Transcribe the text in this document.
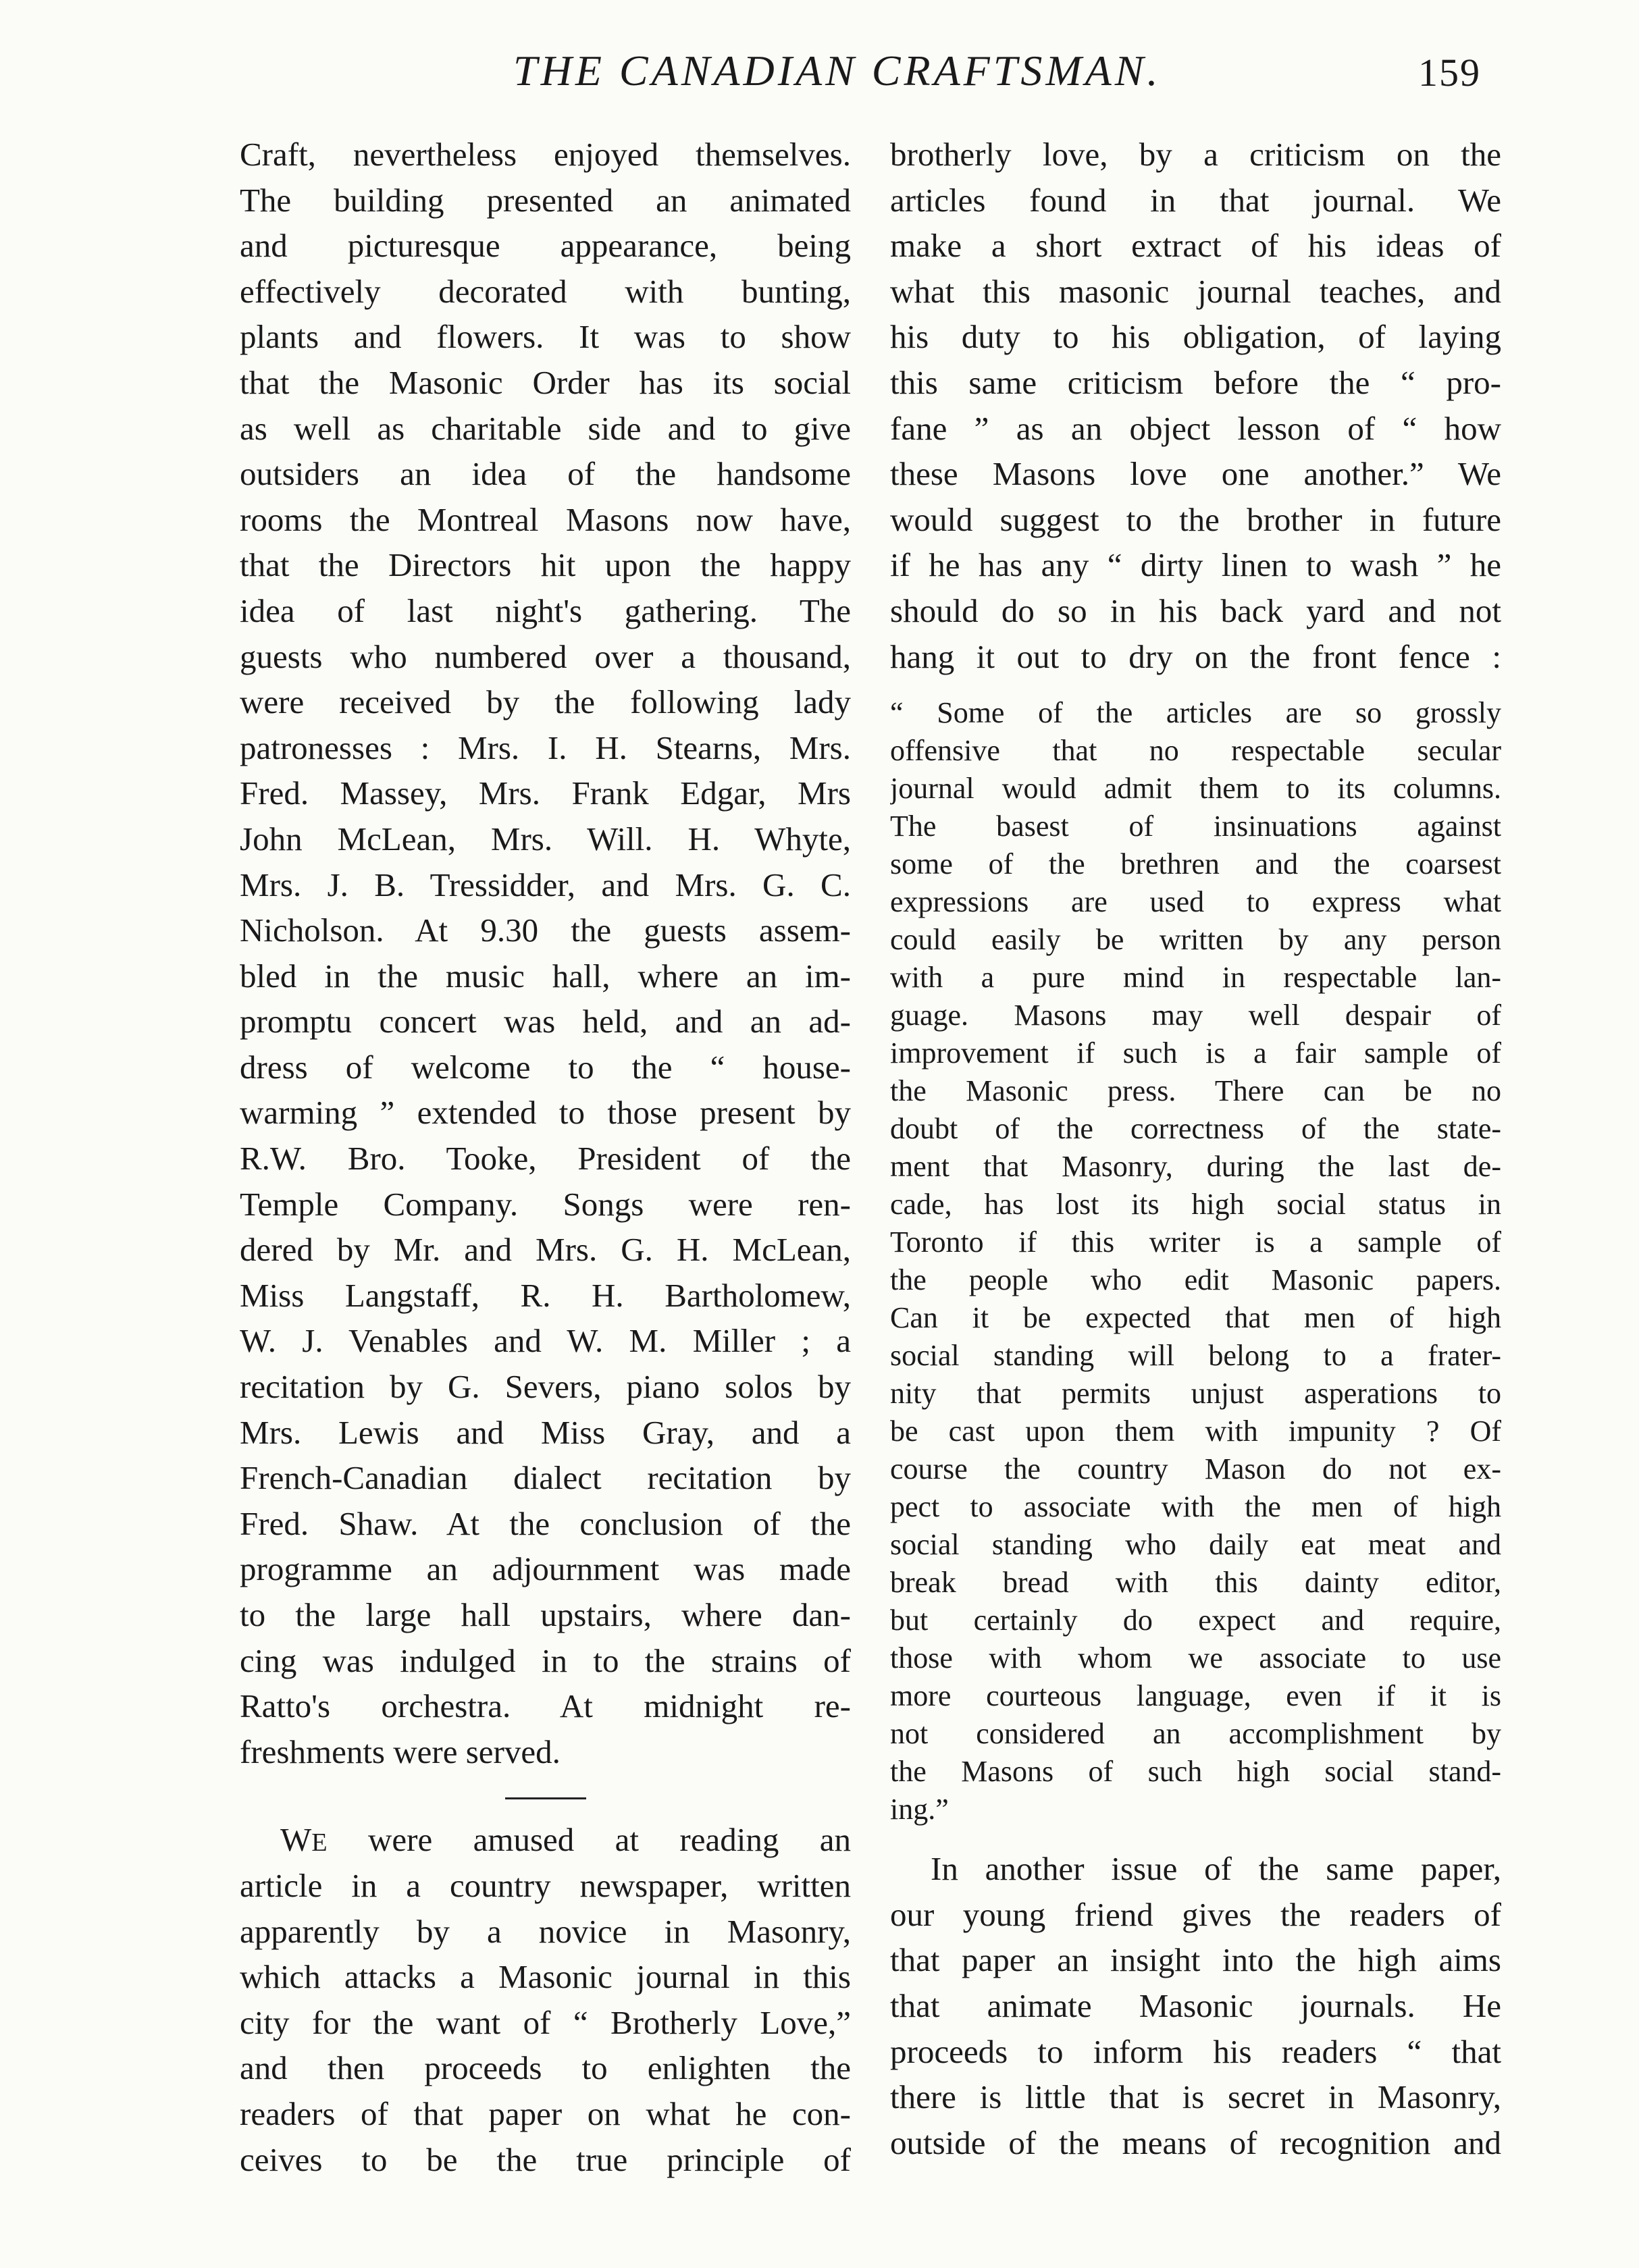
THE CANADIAN CRAFTSMAN.	159
Craft, nevertheless enjoyed themselves.
The building presented an animated
and picturesque appearance, being
effectively decorated with bunting,
plants and flowers. It was to show
that the Masonic Order has its social
as well as charitable side and to give
outsiders an idea of the handsome
rooms the Montreal Masons now have,
that the Directors hit upon the happy
idea of last night's gathering. The
guests who numbered over a thousand,
were received by the following lady
patronesses : Mrs. I. H. Stearns, Mrs.
Fred. Massey, Mrs. Frank Edgar, Mrs
John McLean, Mrs. Will. H. Whyte,
Mrs. J. B. Tressidder, and Mrs. G. C.
Nicholson. At 9.30 the guests assem-
bled in the music hall, where an im-
promptu concert was held, and an ad-
dress of welcome to the “ house-
warming ” extended to those present by
R.W. Bro. Tooke, President of the
Temple Company. Songs were ren-
dered by Mr. and Mrs. G. H. McLean,
Miss Langstaff, R. H. Bartholomew,
W. J. Venables and W. M. Miller ; a
recitation by G. Severs, piano solos by
Mrs. Lewis and Miss Gray, and a
French-Canadian dialect recitation by
Fred. Shaw. At the conclusion of the
programme an adjournment was made
to the large hall upstairs, where dan-
cing was indulged in to the strains of
Ratto's orchestra. At midnight re-
freshments were served.
WE were amused at reading an
article in a country newspaper, written
apparently by a novice in Masonry,
which attacks a Masonic journal in this
city for the want of “ Brotherly Love,”
and then proceeds to enlighten the
readers of that paper on what he con-
ceives to be the true principle of
brotherly love, by a criticism on the
articles found in that journal. We
make a short extract of his ideas of
what this masonic journal teaches, and
his duty to his obligation, of laying
this same criticism before the “ pro-
fane ” as an object lesson of “ how
these Masons love one another.” We
would suggest to the brother in future
if he has any “ dirty linen to wash ” he
should do so in his back yard and not
hang it out to dry on the front fence :
“ Some of the articles are so grossly
offensive that no respectable secular
journal would admit them to its columns.
The basest of insinuations against
some of the brethren and the coarsest
expressions are used to express what
could easily be written by any person
with a pure mind in respectable lan-
guage. Masons may well despair of
improvement if such is a fair sample of
the Masonic press. There can be no
doubt of the correctness of the state-
ment that Masonry, during the last de-
cade, has lost its high social status in
Toronto if this writer is a sample of
the people who edit Masonic papers.
Can it be expected that men of high
social standing will belong to a frater-
nity that permits unjust asperations to
be cast upon them with impunity ? Of
course the country Mason do not ex-
pect to associate with the men of high
social standing who daily eat meat and
break bread with this dainty editor,
but certainly do expect and require,
those with whom we associate to use
more courteous language, even if it is
not considered an accomplishment by
the Masons of such high social stand-
ing.”
In another issue of the same paper,
our young friend gives the readers of
that paper an insight into the high aims
that animate Masonic journals. He
proceeds to inform his readers “ that
there is little that is secret in Masonry,
outside of the means of recognition and
